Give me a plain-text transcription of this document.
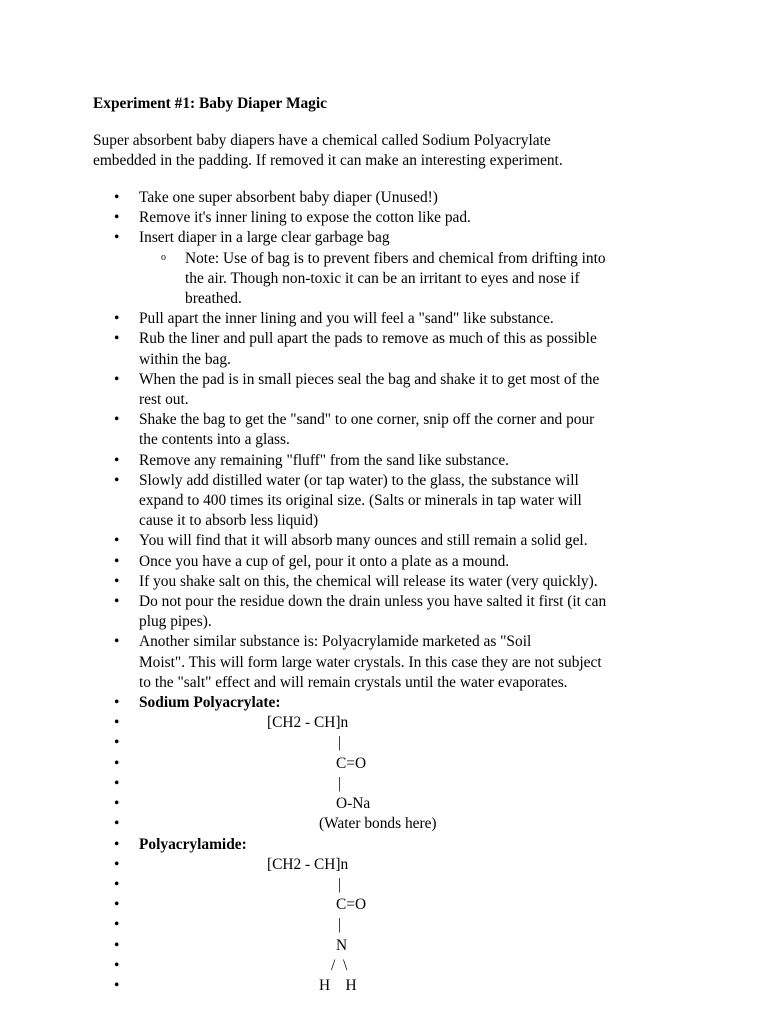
Experiment #1: Baby Diaper Magic

Super absorbent baby diapers have a chemical called Sodium Polyacrylate
embedded in the padding. If removed it can make an interesting experiment.

• Take one super absorbent baby diaper (Unused!)
• Remove it's inner lining to expose the cotton like pad.
• Insert diaper in a large clear garbage bag
o Note: Use of bag is to prevent fibers and chemical from drifting into
the air. Though non-toxic it can be an irritant to eyes and nose if
breathed.
• Pull apart the inner lining and you will feel a "sand" like substance.
• Rub the liner and pull apart the pads to remove as much of this as possible
within the bag.
• When the pad is in small pieces seal the bag and shake it to get most of the
rest out.
• Shake the bag to get the "sand" to one corner, snip off the corner and pour
the contents into a glass.
• Remove any remaining "fluff" from the sand like substance.
• Slowly add distilled water (or tap water) to the glass, the substance will
expand to 400 times its original size. (Salts or minerals in tap water will
cause it to absorb less liquid)
• You will find that it will absorb many ounces and still remain a solid gel.
• Once you have a cup of gel, pour it onto a plate as a mound.
• If you shake salt on this, the chemical will release its water (very quickly).
• Do not pour the residue down the drain unless you have salted it first (it can
plug pipes).
• Another similar substance is: Polyacrylamide marketed as "Soil
Moist". This will form large water crystals. In this case they are not subject
to the "salt" effect and will remain crystals until the water evaporates.
• Sodium Polyacrylate:
• [CH2 - CH]n
• |
• C=O
• |
• O-Na
• (Water bonds here)
• Polyacrylamide:
• [CH2 - CH]n
• |
• C=O
• |
• N
• /  \
• H    H
